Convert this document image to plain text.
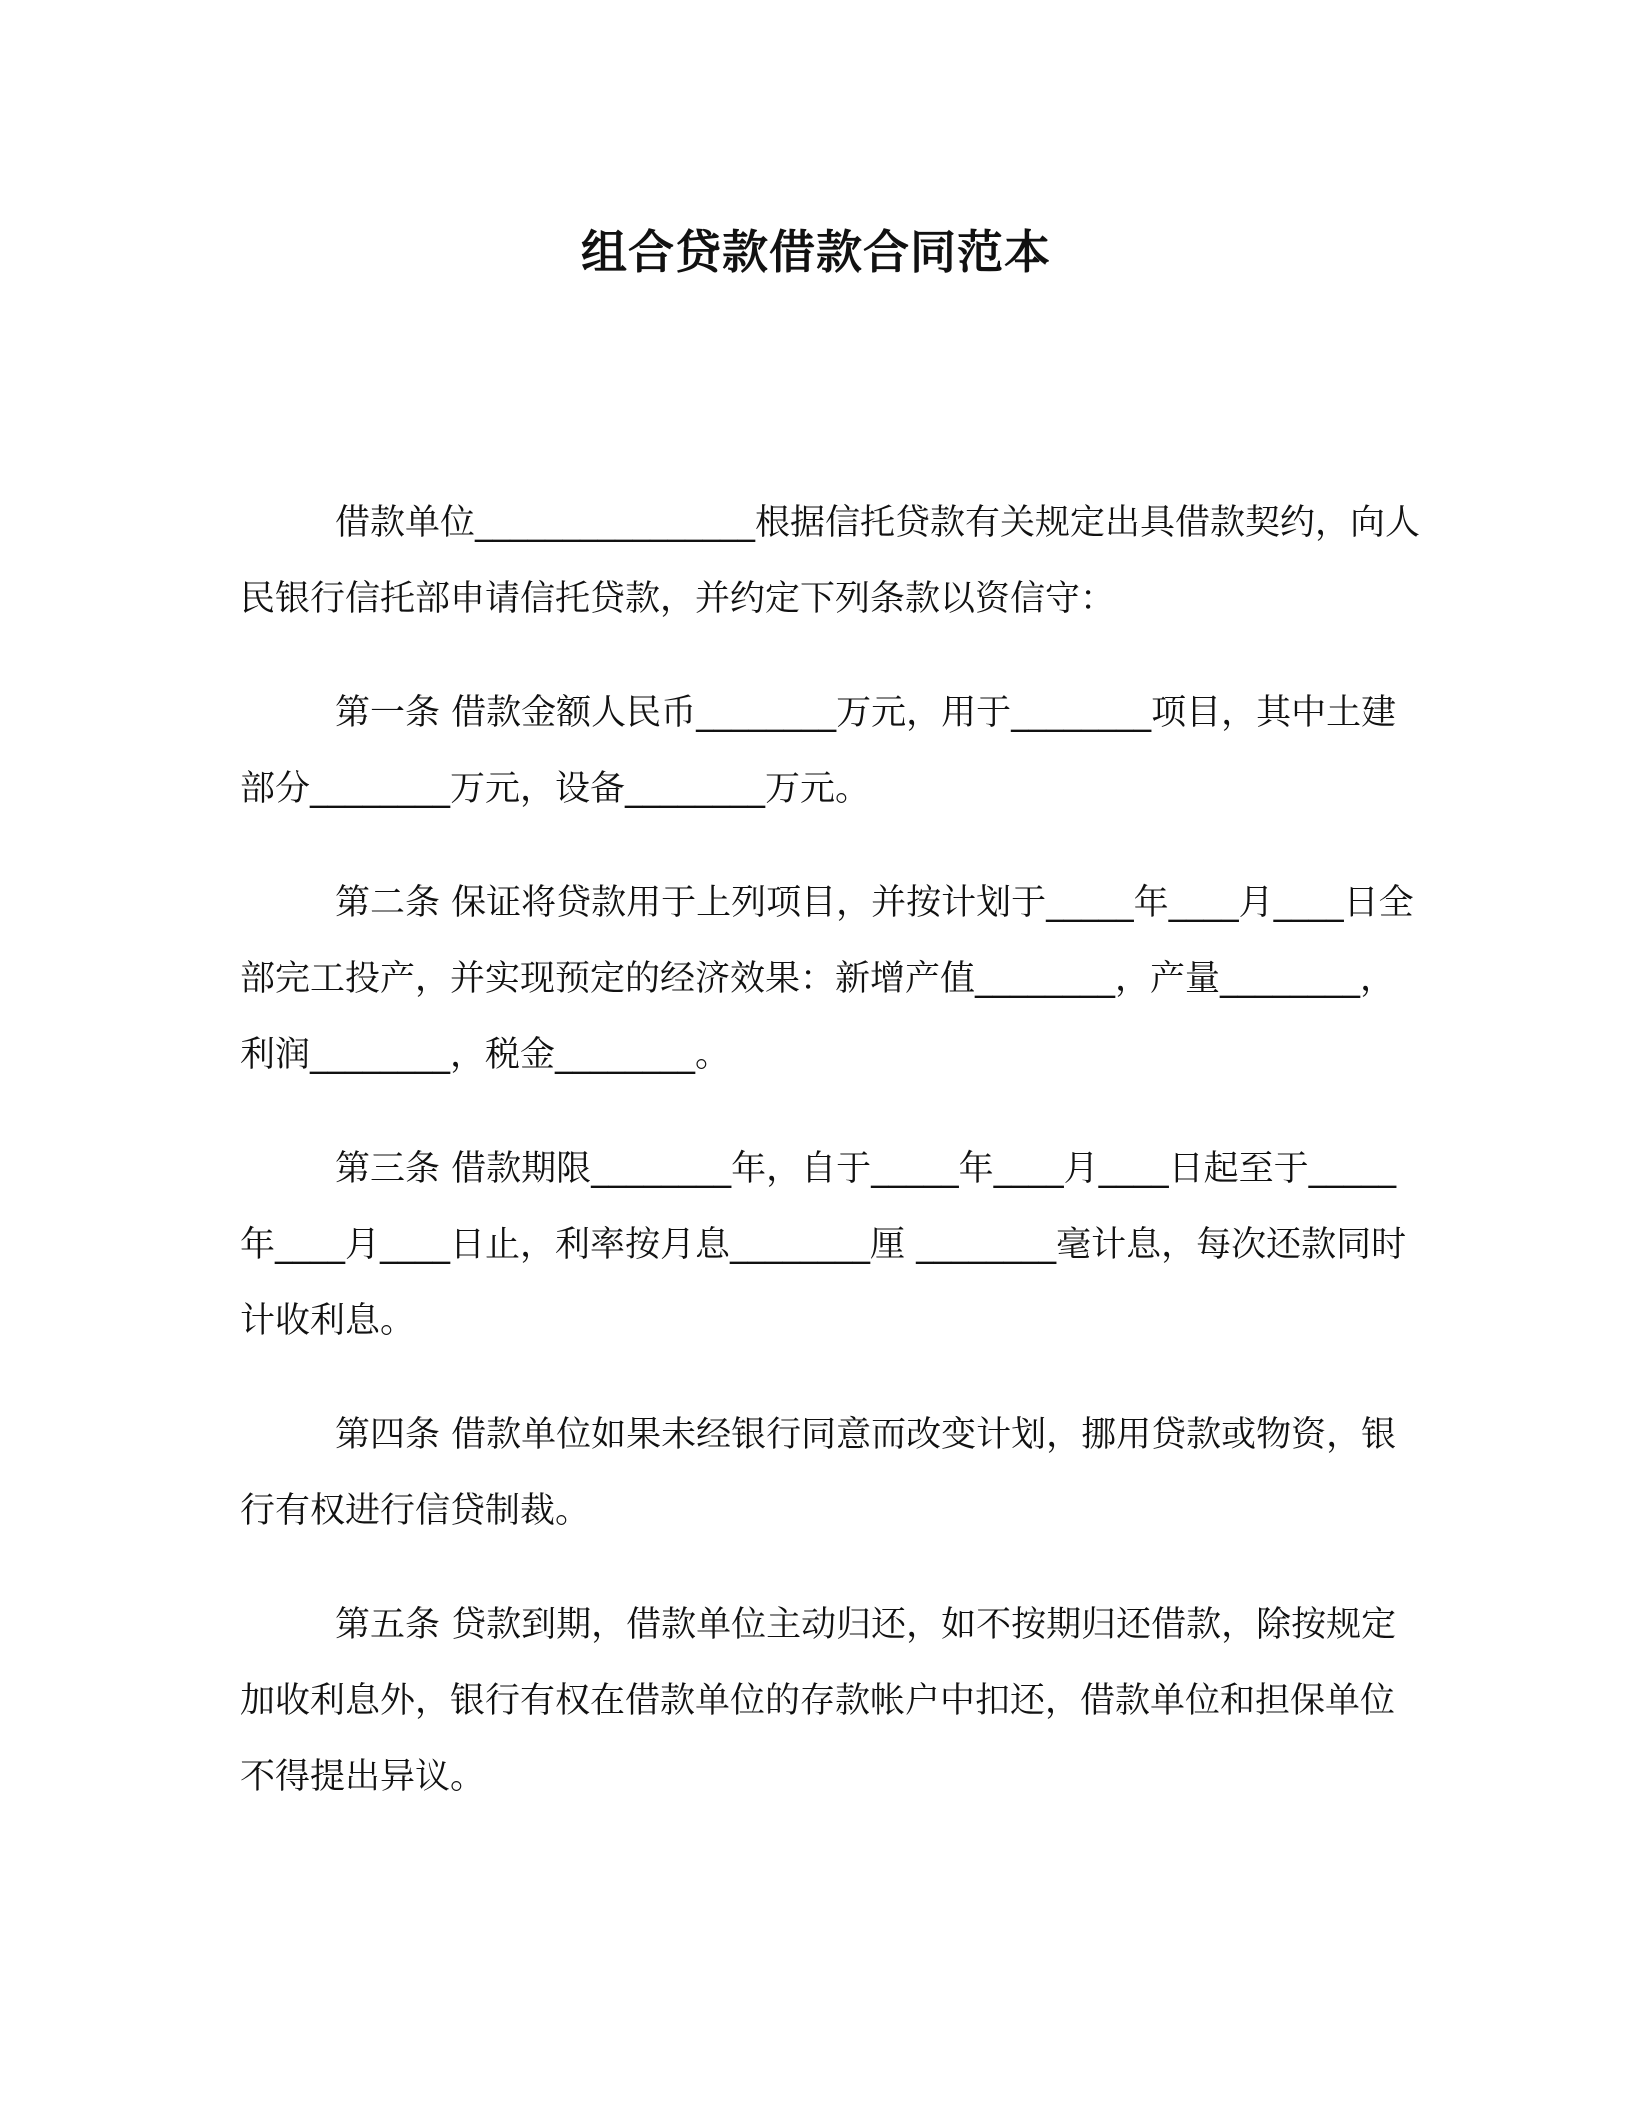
组合贷款借款合同范本

借款单位________________根据信托贷款有关规定出具借款契约，向人民银行信托部申请信托贷款，并约定下列条款以资信守：

第一条 借款金额人民币________万元，用于________项目，其中土建部分________万元，设备________万元。

第二条 保证将贷款用于上列项目，并按计划于_____年____月____日全部完工投产，并实现预定的经济效果：新增产值________，产量________，利润________，税金________。

第三条 借款期限________年，自于_____年____月____日起至于_____年____月____日止，利率按月息________厘 ________毫计息，每次还款同时计收利息。

第四条 借款单位如果未经银行同意而改变计划，挪用贷款或物资，银行有权进行信贷制裁。

第五条 贷款到期，借款单位主动归还，如不按期归还借款，除按规定加收利息外，银行有权在借款单位的存款帐户中扣还，借款单位和担保单位不得提出异议。
